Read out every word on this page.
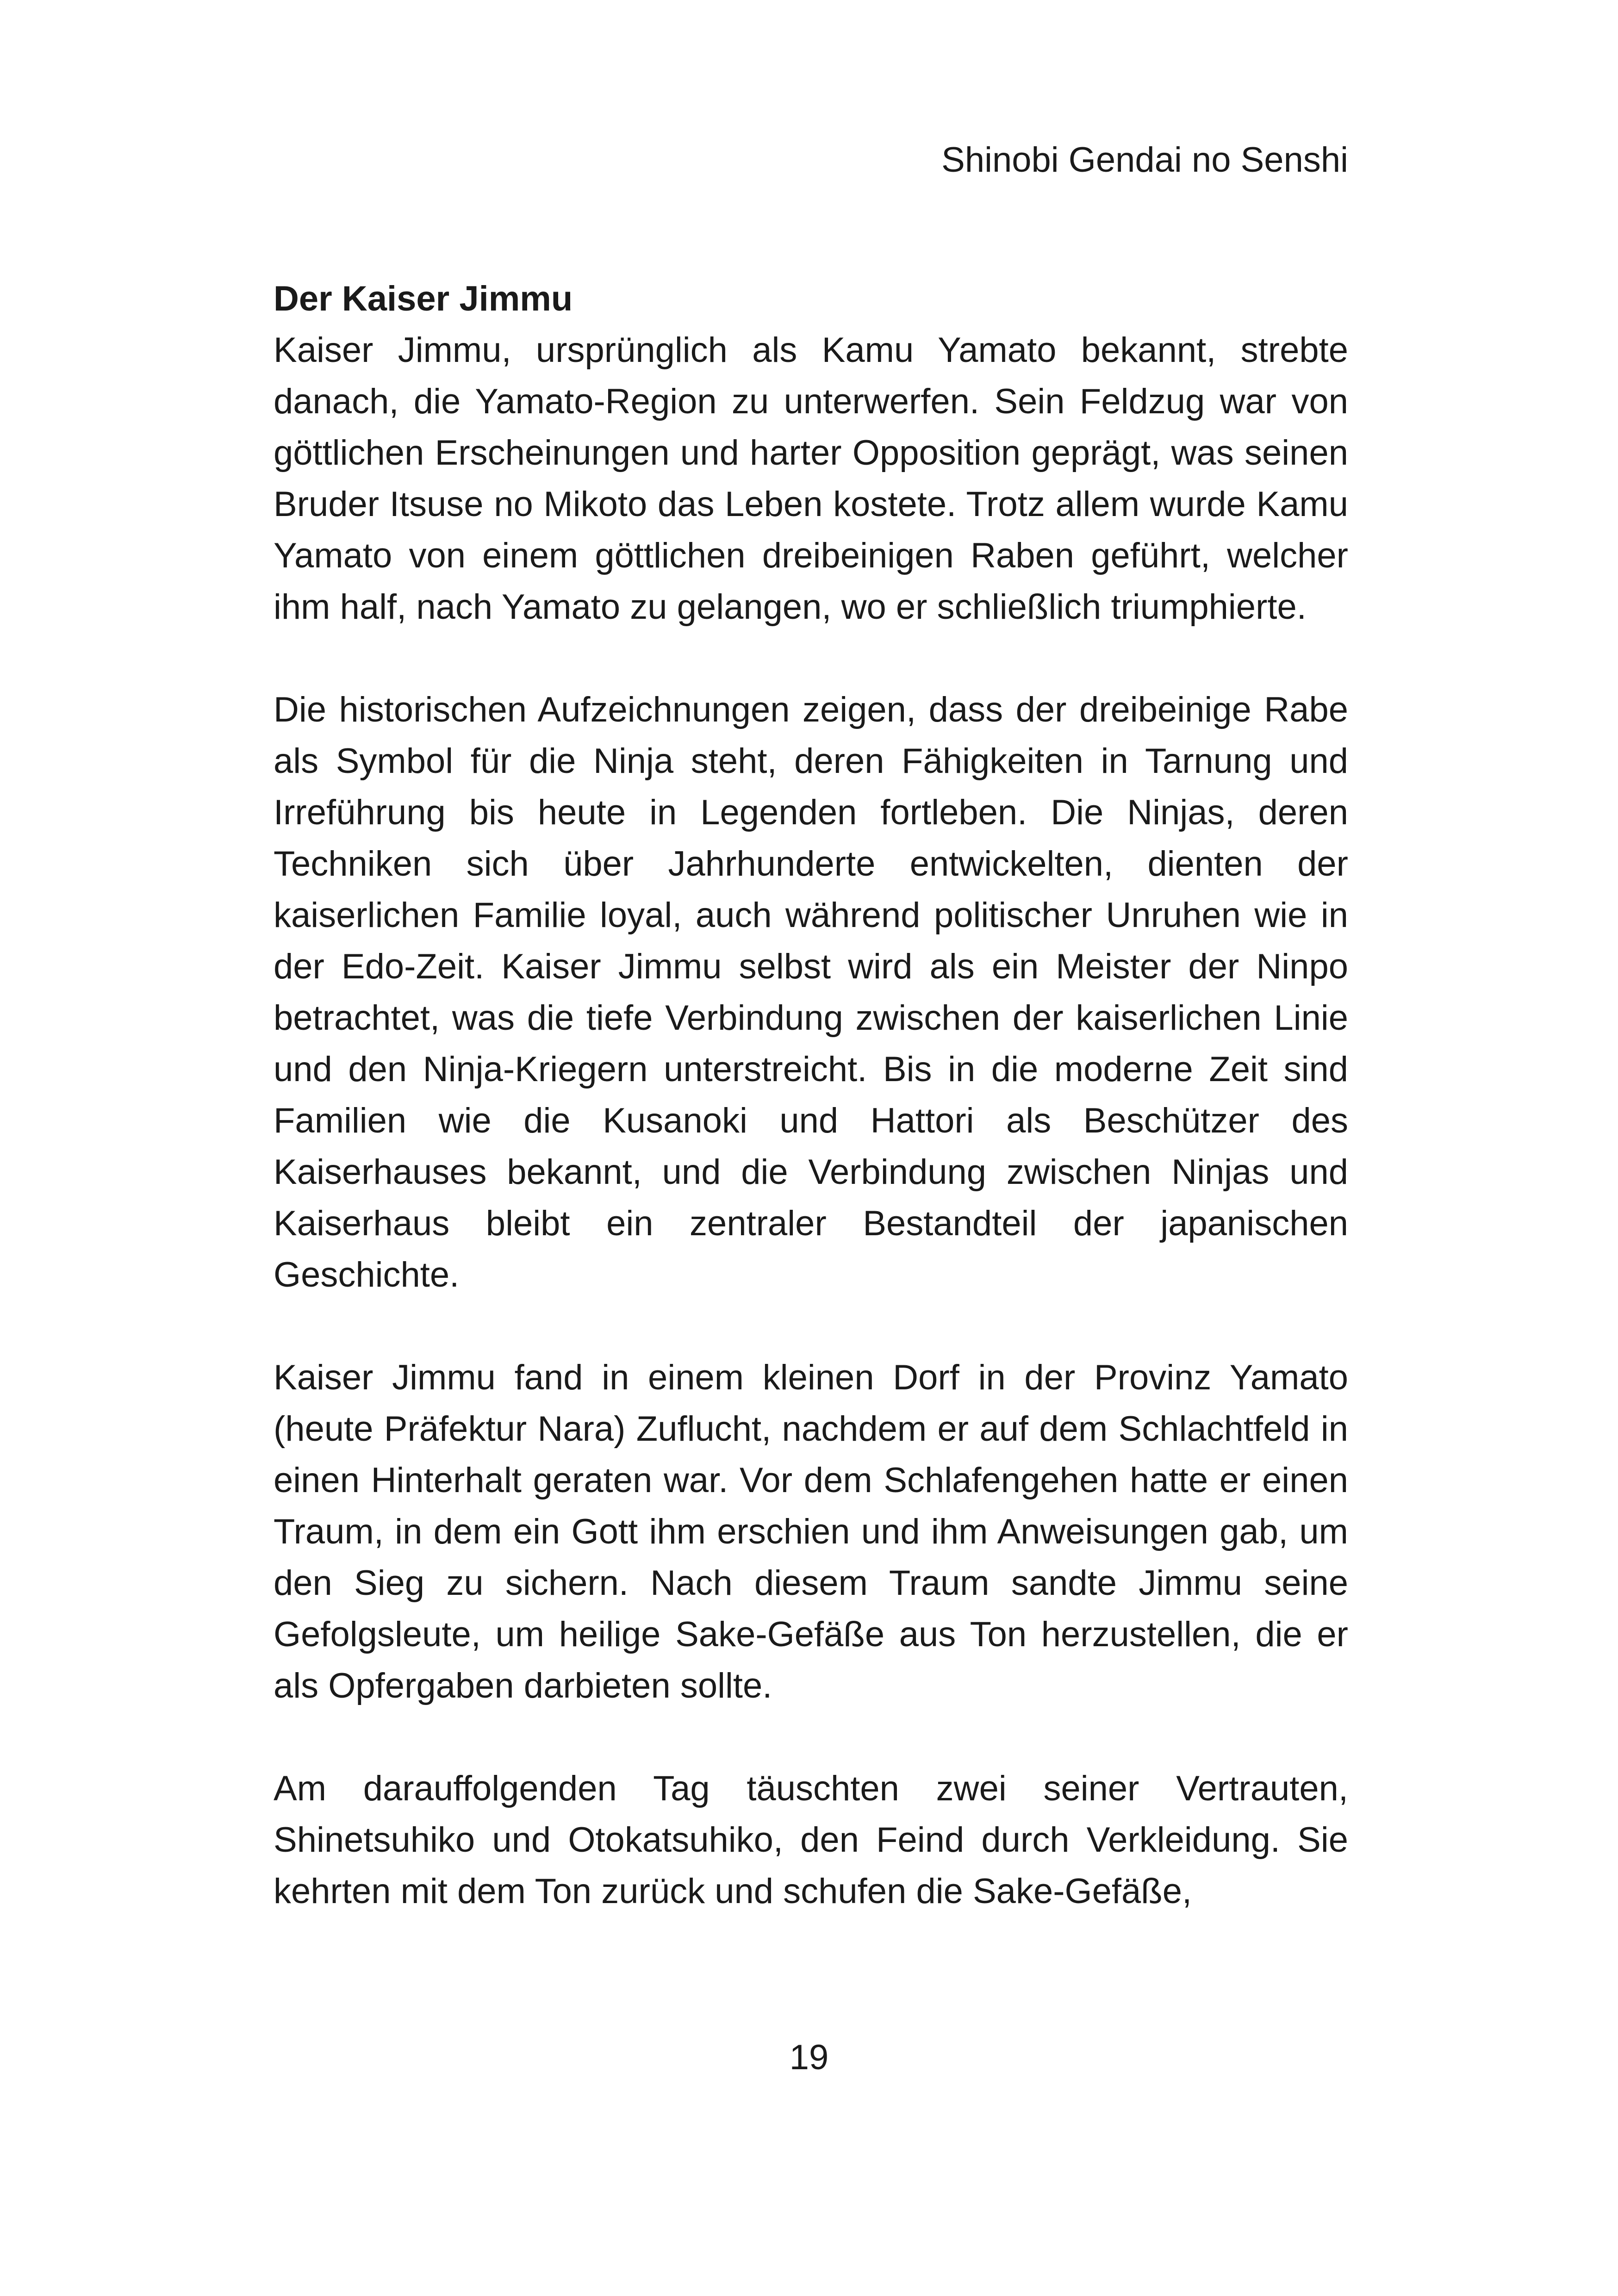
Shinobi Gendai no Senshi
Der Kaiser Jimmu

Kaiser Jimmu, ursprünglich als Kamu Yamato bekannt, strebte danach, die Yamato-Region zu unterwerfen. Sein Feldzug war von göttlichen Erscheinungen und harter Opposition geprägt, was seinen Bruder Itsuse no Mikoto das Leben kostete. Trotz allem wurde Kamu Yamato von einem göttlichen dreibeinigen Raben geführt, welcher ihm half, nach Yamato zu gelangen, wo er schließlich triumphierte.

Die historischen Aufzeichnungen zeigen, dass der dreibeinige Rabe als Symbol für die Ninja steht, deren Fähigkeiten in Tarnung und Irreführung bis heute in Legenden fortleben. Die Ninjas, deren Techniken sich über Jahrhunderte entwickelten, dienten der kaiserlichen Familie loyal, auch während politischer Unruhen wie in der Edo-Zeit. Kaiser Jimmu selbst wird als ein Meister der Ninpo betrachtet, was die tiefe Verbindung zwischen der kaiserlichen Linie und den Ninja-Kriegern unterstreicht. Bis in die moderne Zeit sind Familien wie die Kusanoki und Hattori als Beschützer des Kaiserhauses bekannt, und die Verbindung zwischen Ninjas und Kaiserhaus bleibt ein zentraler Bestandteil der japanischen Geschichte.

Kaiser Jimmu fand in einem kleinen Dorf in der Provinz Yamato (heute Präfektur Nara) Zuflucht, nachdem er auf dem Schlachtfeld in einen Hinterhalt geraten war. Vor dem Schlafengehen hatte er einen Traum, in dem ein Gott ihm erschien und ihm Anweisungen gab, um den Sieg zu sichern. Nach diesem Traum sandte Jimmu seine Gefolgsleute, um heilige Sake-Gefäße aus Ton herzustellen, die er als Opfergaben darbieten sollte.

Am darauffolgenden Tag täuschten zwei seiner Vertrauten, Shinetsuhiko und Otokatsuhiko, den Feind durch Verkleidung. Sie kehrten mit dem Ton zurück und schufen die Sake-Gefäße,

19
